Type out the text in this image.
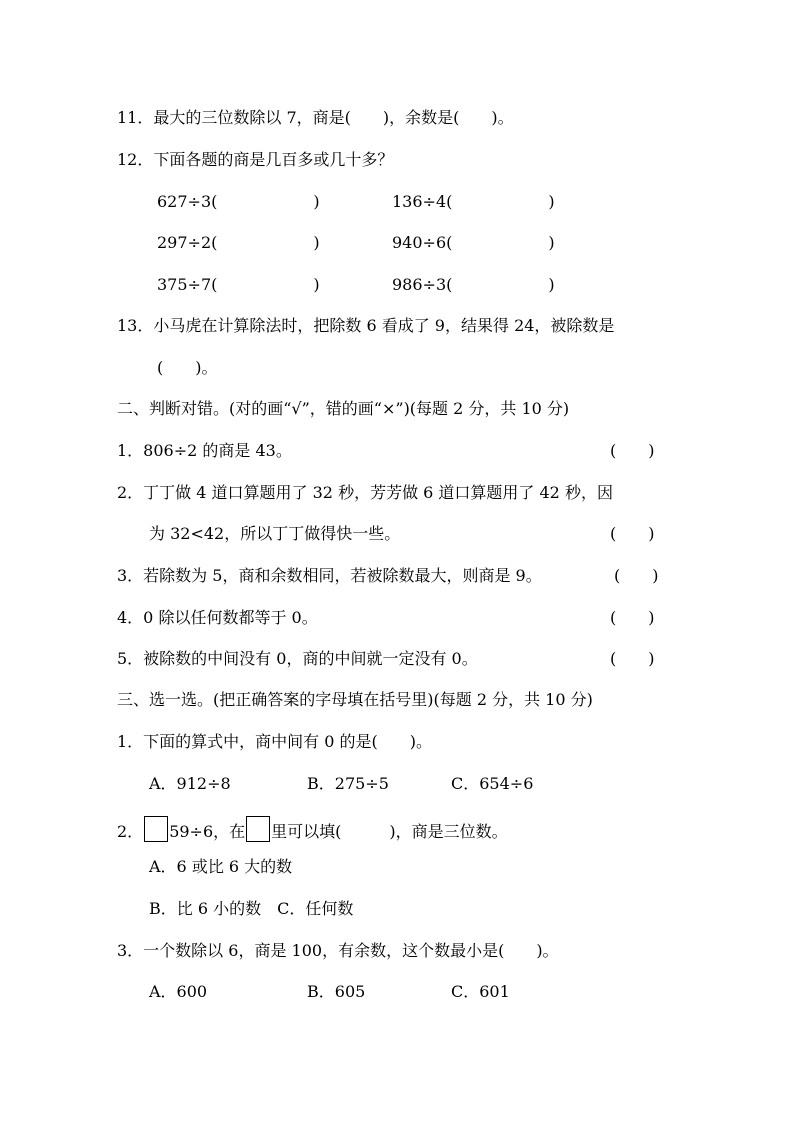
11．最大的三位数除以 7，商是(　　)，余数是(　　)。
12．下面各题的商是几百多或几十多？
627÷3(　　　　　　)	136÷4(　　　　　　)
297÷2(　　　　　　)	940÷6(　　　　　　)
375÷7(　　　　　　)	986÷3(　　　　　　)
13．小马虎在计算除法时，把除数 6 看成了 9，结果得 24，被除数是
(　　)。
二、判断对错。(对的画“√”，错的画“×”)(每题 2 分，共 10 分)
1．806÷2 的商是 43。	(　　)
2．丁丁做 4 道口算题用了 32 秒，芳芳做 6 道口算题用了 42 秒，因
为 32<42，所以丁丁做得快一些。	(　　)
3．若除数为 5，商和余数相同，若被除数最大，则商是 9。	(　　)
4．0 除以任何数都等于 0。	(　　)
5．被除数的中间没有 0，商的中间就一定没有 0。	(　　)
三、选一选。(把正确答案的字母填在括号里)(每题 2 分，共 10 分)
1．下面的算式中，商中间有 0 的是(　　)。
A．912÷8	B．275÷5	C．654÷6
2． 59÷6，在 里可以填(　　　)，商是三位数。
A．6 或比 6 大的数
B．比 6 小的数　C．任何数
3．一个数除以 6，商是 100，有余数，这个数最小是(　　)。
A．600	B．605	C．601
